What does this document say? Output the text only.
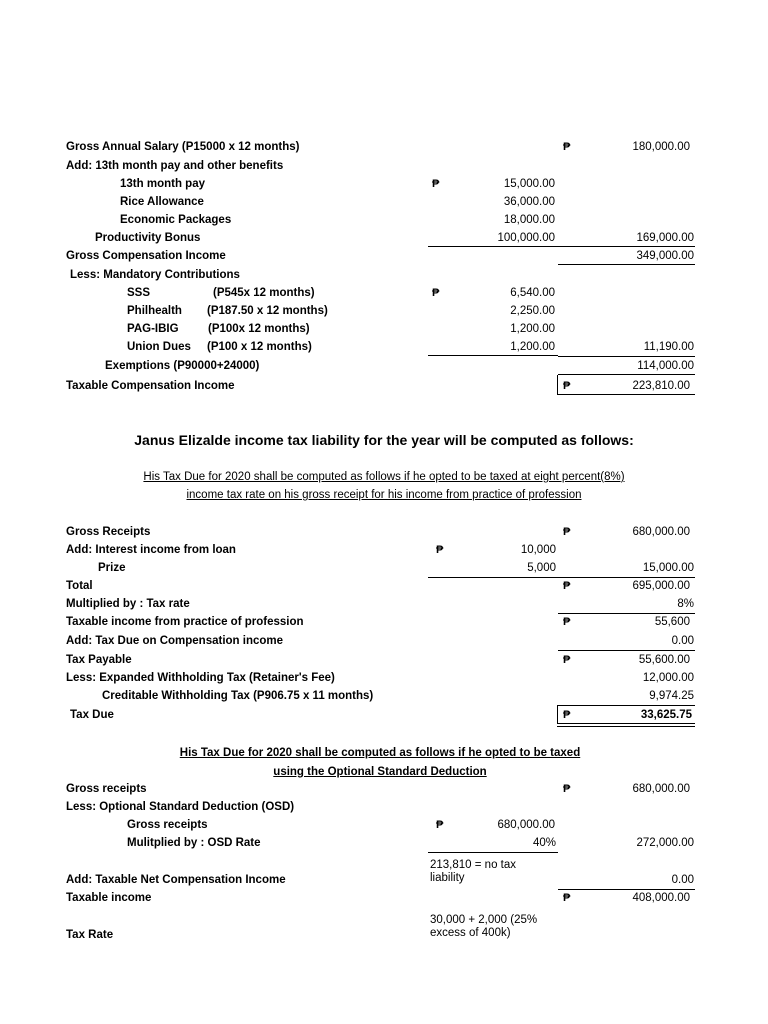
Gross Annual Salary (P15000 x 12 months)	₱	180,000.00
Add: 13th month pay and other benefits
13th month pay	₱	15,000.00
Rice Allowance	36,000.00
Economic Packages	18,000.00
Productivity Bonus	100,000.00	169,000.00
Gross Compensation Income	349,000.00
Less: Mandatory Contributions
SSS	(P545x 12 months)	₱	6,540.00
Philhealth (P187.50 x 12 months)	2,250.00
PAG-IBIG	(P100x 12 months)	1,200.00
Union Dues (P100 x 12 months)	1,200.00	11,190.00
Exemptions (P90000+24000)	114,000.00
Taxable Compensation Income	₱	223,810.00
Janus Elizalde income tax liability for the year will be computed as follows:
His Tax Due for 2020 shall be computed as follows if he opted to be taxed at eight percent(8%)
income tax rate on his gross receipt for his income from practice of profession
Gross Receipts	₱	680,000.00
Add: Interest income from loan	₱	10,000
Prize	5,000	15,000.00
Total	₱	695,000.00
Multiplied by : Tax rate	8%
Taxable income from practice of profession	₱	55,600
Add: Tax Due on Compensation income	0.00
Tax Payable	₱	55,600.00
Less: Expanded Withholding Tax (Retainer's Fee)	12,000.00
Creditable Withholding Tax (P906.75 x 11 months)	9,974.25
Tax Due	₱	33,625.75
His Tax Due for 2020 shall be computed as follows if he opted to be taxed
using the Optional Standard Deduction
Gross receipts	₱	680,000.00
Less: Optional Standard Deduction (OSD)
Gross receipts	₱	680,000.00
Mulitplied by : OSD Rate	40%	272,000.00
213,810 = no tax liability
Add: Taxable Net Compensation Income	0.00
Taxable income	₱	408,000.00
30,000 + 2,000 (25% excess of 400k)
Tax Rate
